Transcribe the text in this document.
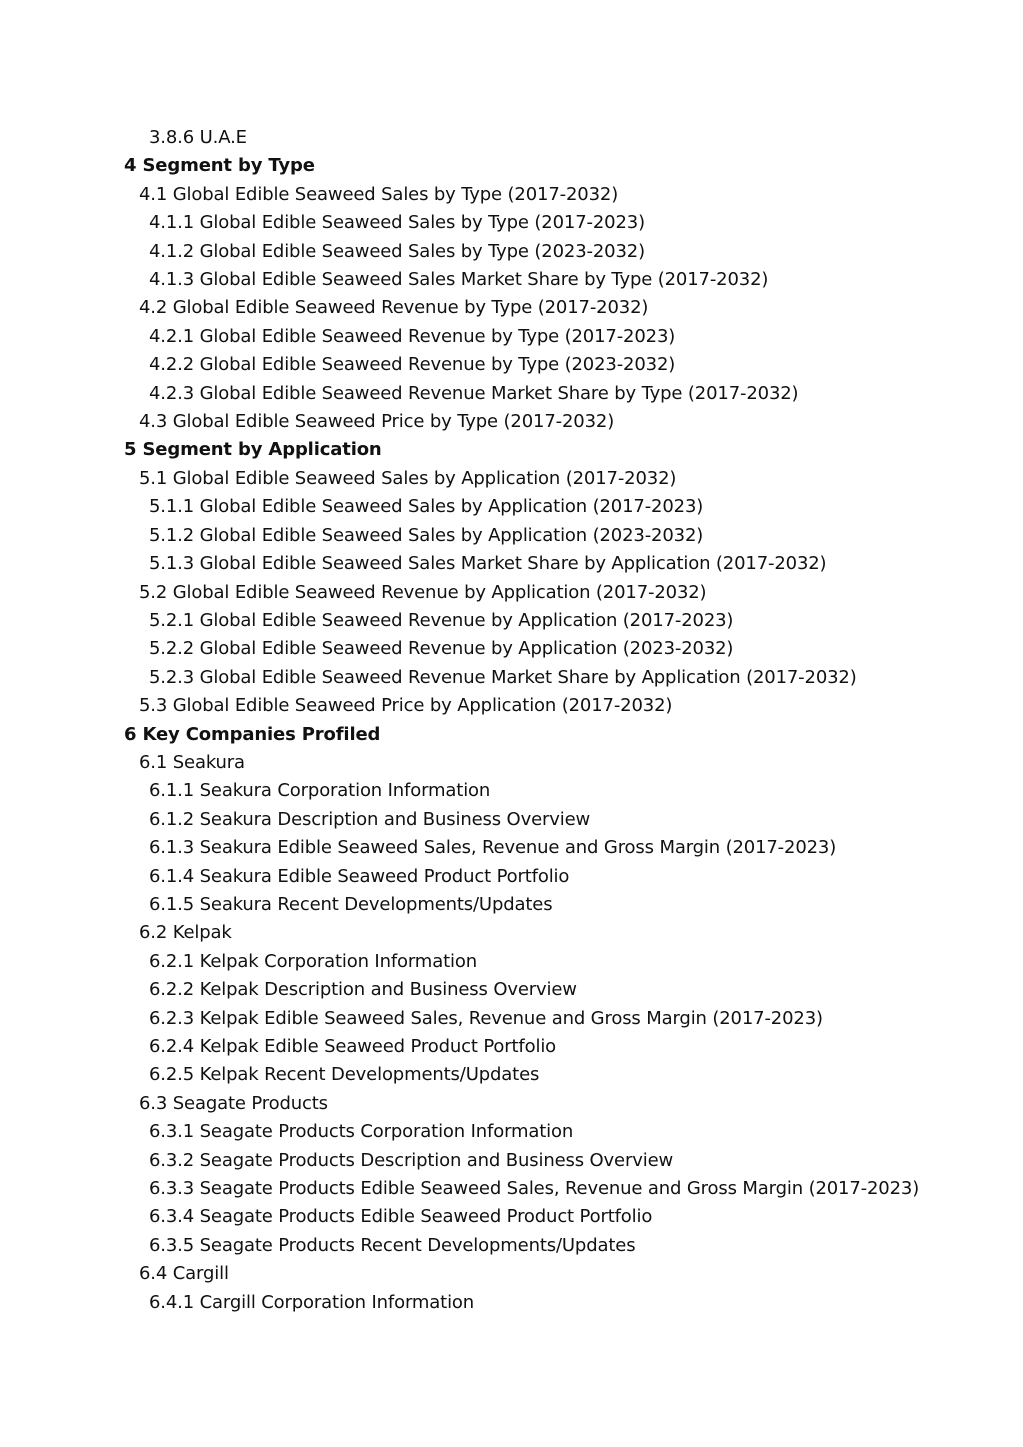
3.8.6 U.A.E
4 Segment by Type
4.1 Global Edible Seaweed Sales by Type (2017-2032)
4.1.1 Global Edible Seaweed Sales by Type (2017-2023)
4.1.2 Global Edible Seaweed Sales by Type (2023-2032)
4.1.3 Global Edible Seaweed Sales Market Share by Type (2017-2032)
4.2 Global Edible Seaweed Revenue by Type (2017-2032)
4.2.1 Global Edible Seaweed Revenue by Type (2017-2023)
4.2.2 Global Edible Seaweed Revenue by Type (2023-2032)
4.2.3 Global Edible Seaweed Revenue Market Share by Type (2017-2032)
4.3 Global Edible Seaweed Price by Type (2017-2032)
5 Segment by Application
5.1 Global Edible Seaweed Sales by Application (2017-2032)
5.1.1 Global Edible Seaweed Sales by Application (2017-2023)
5.1.2 Global Edible Seaweed Sales by Application (2023-2032)
5.1.3 Global Edible Seaweed Sales Market Share by Application (2017-2032)
5.2 Global Edible Seaweed Revenue by Application (2017-2032)
5.2.1 Global Edible Seaweed Revenue by Application (2017-2023)
5.2.2 Global Edible Seaweed Revenue by Application (2023-2032)
5.2.3 Global Edible Seaweed Revenue Market Share by Application (2017-2032)
5.3 Global Edible Seaweed Price by Application (2017-2032)
6 Key Companies Profiled
6.1 Seakura
6.1.1 Seakura Corporation Information
6.1.2 Seakura Description and Business Overview
6.1.3 Seakura Edible Seaweed Sales, Revenue and Gross Margin (2017-2023)
6.1.4 Seakura Edible Seaweed Product Portfolio
6.1.5 Seakura Recent Developments/Updates
6.2 Kelpak
6.2.1 Kelpak Corporation Information
6.2.2 Kelpak Description and Business Overview
6.2.3 Kelpak Edible Seaweed Sales, Revenue and Gross Margin (2017-2023)
6.2.4 Kelpak Edible Seaweed Product Portfolio
6.2.5 Kelpak Recent Developments/Updates
6.3 Seagate Products
6.3.1 Seagate Products Corporation Information
6.3.2 Seagate Products Description and Business Overview
6.3.3 Seagate Products Edible Seaweed Sales, Revenue and Gross Margin (2017-2023)
6.3.4 Seagate Products Edible Seaweed Product Portfolio
6.3.5 Seagate Products Recent Developments/Updates
6.4 Cargill
6.4.1 Cargill Corporation Information
